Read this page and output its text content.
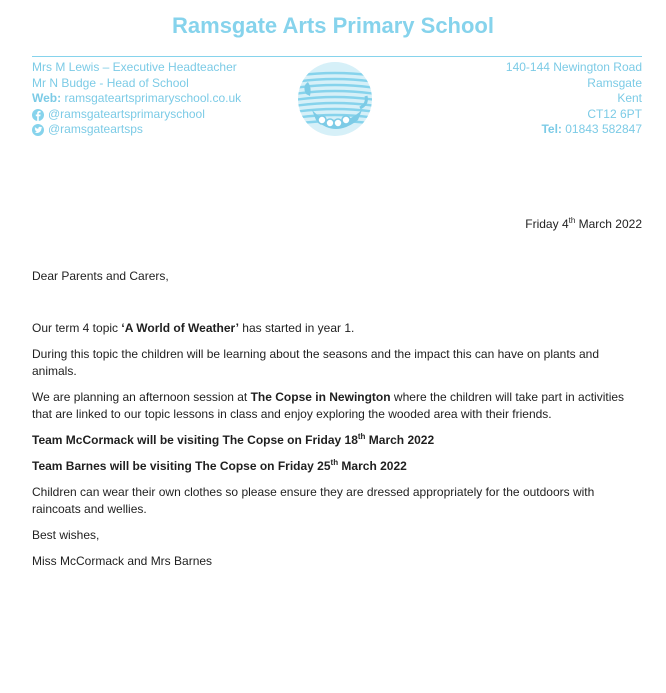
Ramsgate Arts Primary School
Mrs M Lewis – Executive Headteacher
Mr N Budge - Head of School
Web: ramsgateartsprimaryschool.co.uk
@ramsgateartsprimaryschool
@ramsgateartsps
140-144 Newington Road
Ramsgate
Kent
CT12 6PT
Tel: 01843 582847
Friday 4th March 2022

Dear Parents and Carers,

Our term 4 topic ‘A World of Weather’ has started in year 1.

During this topic the children will be learning about the seasons and the impact this can have on plants and animals.

We are planning an afternoon session at The Copse in Newington where the children will take part in activities that are linked to our topic lessons in class and enjoy exploring the wooded area with their friends.

Team McCormack will be visiting The Copse on Friday 18th March 2022

Team Barnes will be visiting The Copse on Friday 25th March 2022

Children can wear their own clothes so please ensure they are dressed appropriately for the outdoors with raincoats and wellies.

Best wishes,

Miss McCormack and Mrs Barnes
